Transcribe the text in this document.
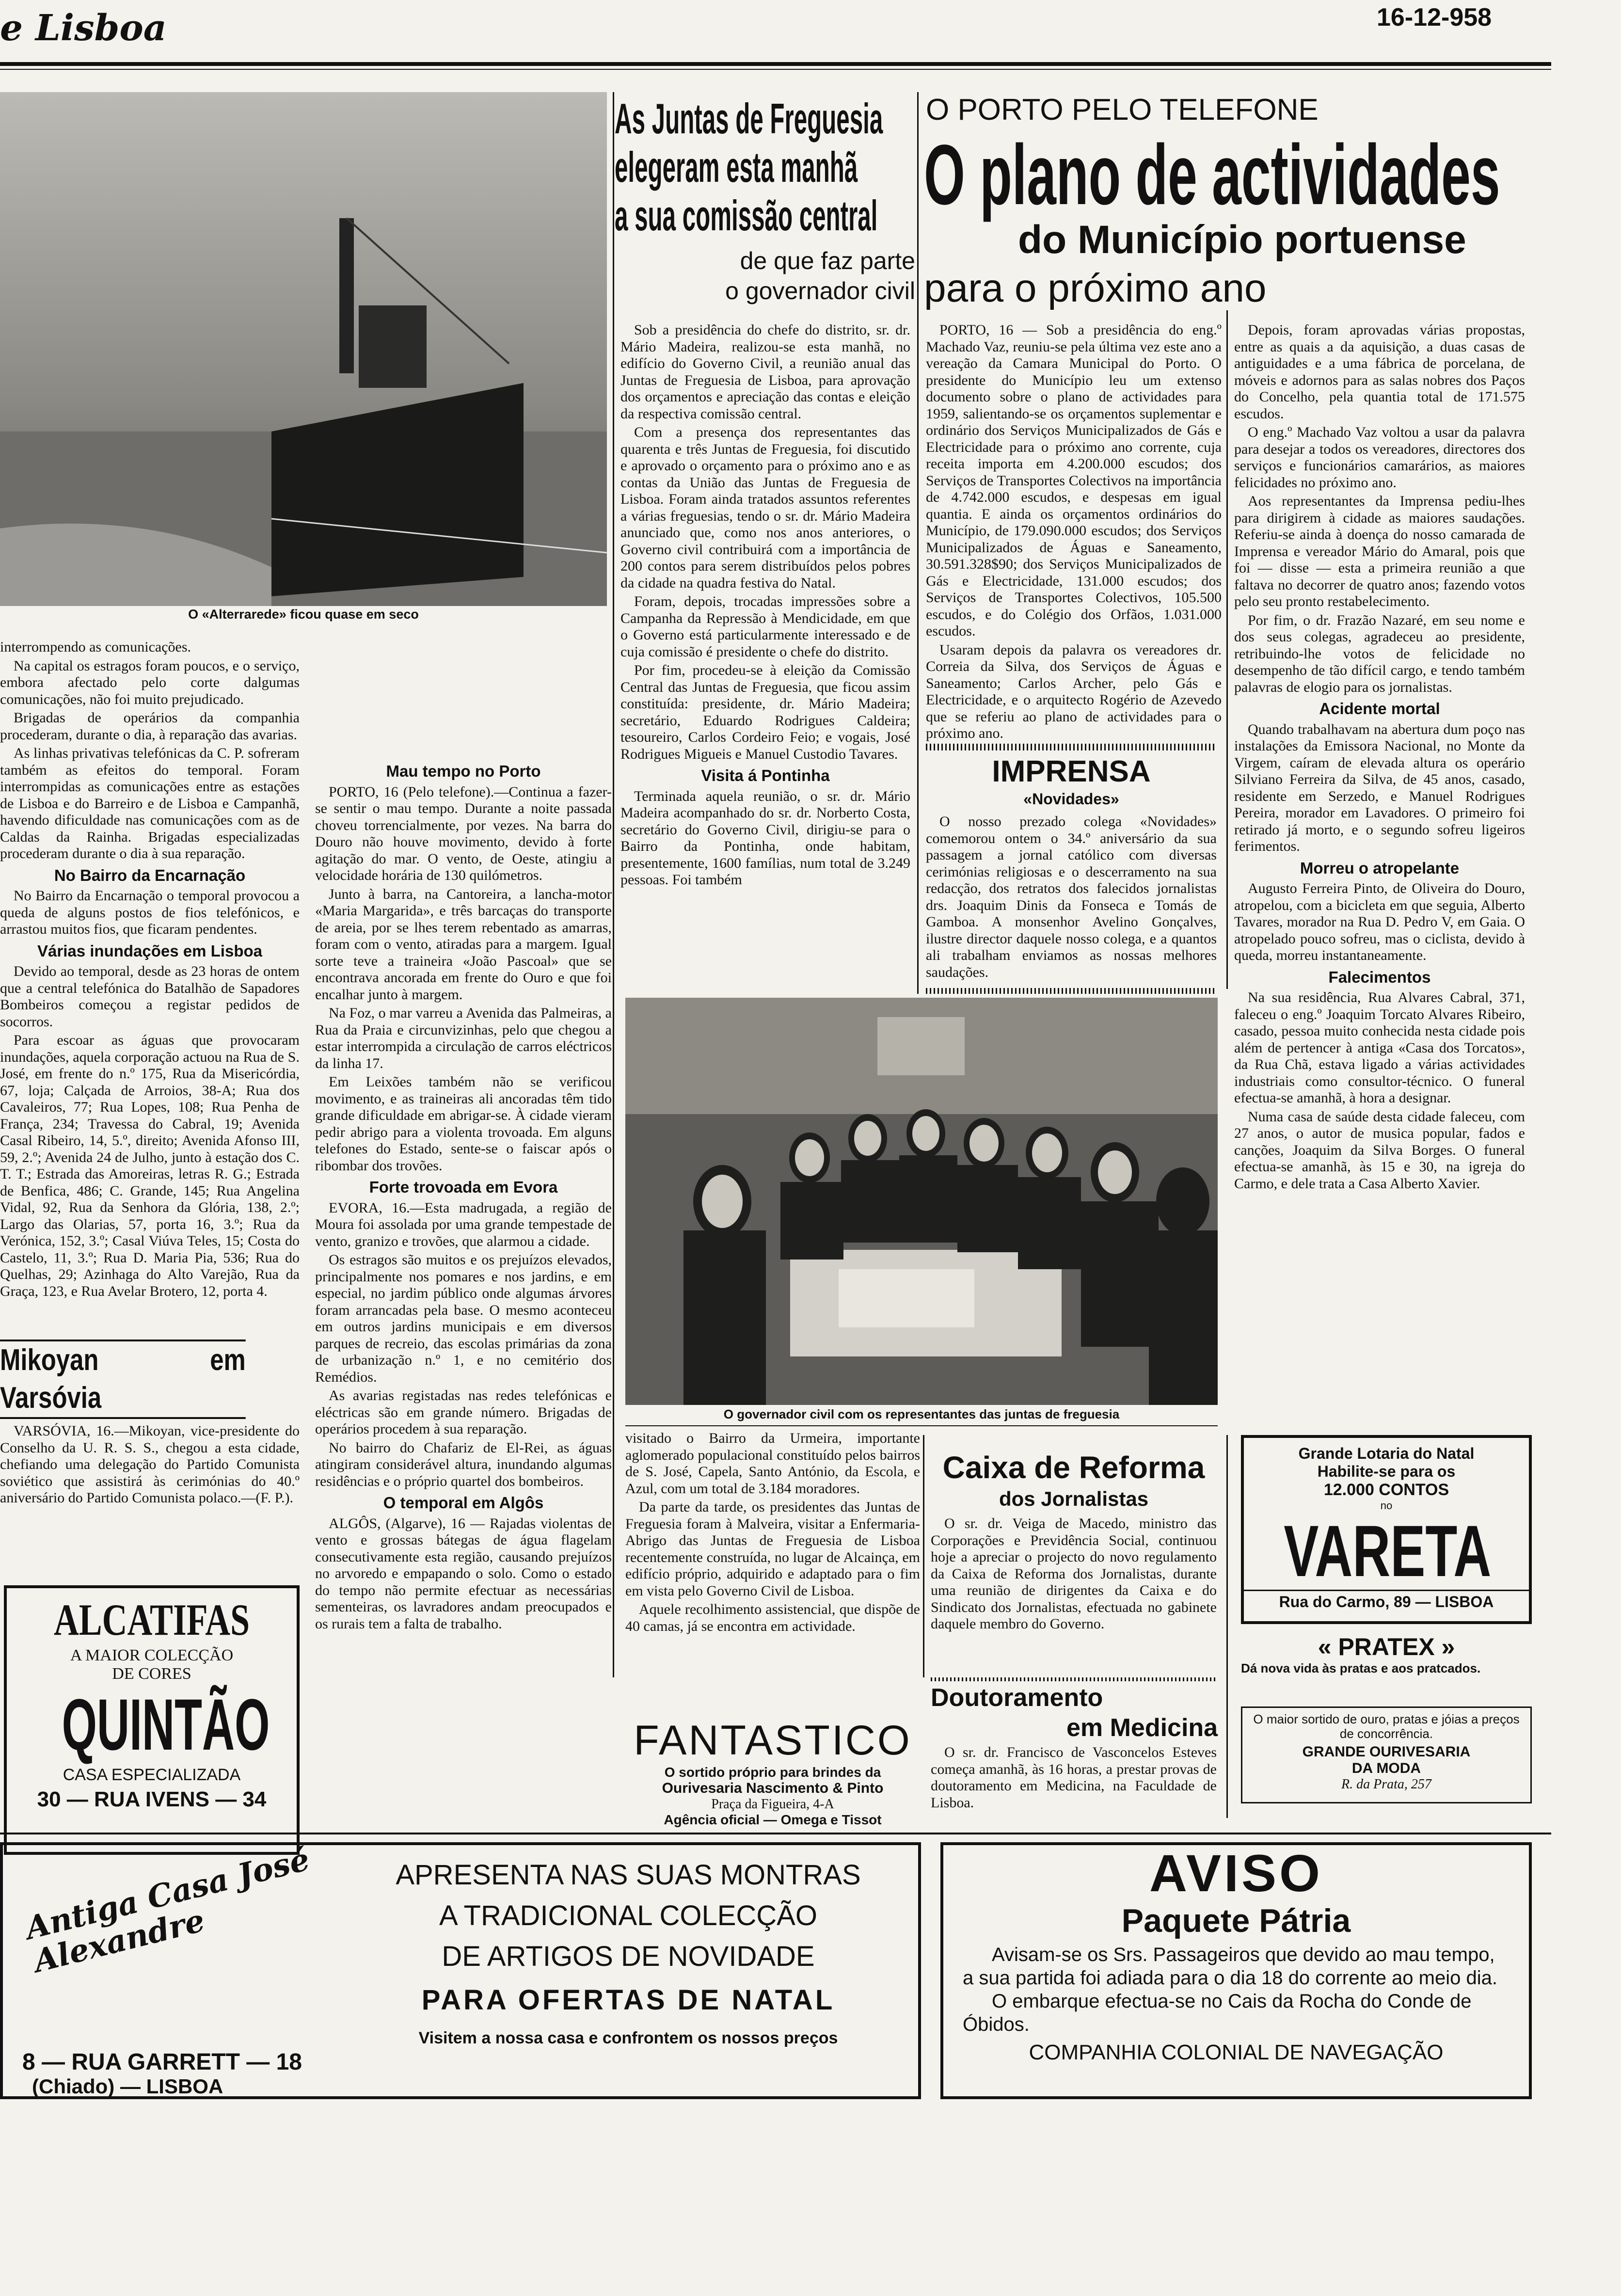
e Lisboa	16-12-958
O «Alterrarede» ficou quase em seco

interrompendo as comunicações.

Na capital os estragos foram poucos, e o serviço, embora afectado pelo corte dalgumas comunicações, não foi muito prejudicado.

Brigadas de operários da companhia procederam, durante o dia, à reparação das avarias.

As linhas privativas telefónicas da C. P. sofreram também as efeitos do temporal. Foram interrompidas as comunicações entre as estações de Lisboa e do Barreiro e de Lisboa e Campanhã, havendo dificuldade nas comunicações com as de Caldas da Rainha. Brigadas especializadas procederam durante o dia à sua reparação.

No Bairro da Encarnação

No Bairro da Encarnação o temporal provocou a queda de alguns postos de fios telefónicos, e arrastou muitos fios, que ficaram pendentes.

Várias inundações em Lisboa

Devido ao temporal, desde as 23 horas de ontem que a central telefónica do Batalhão de Sapadores Bombeiros começou a registar pedidos de socorros.

Para escoar as águas que provocaram inundações, aquela corporação actuou na Rua de S. José, em frente do n.º 175, Rua da Misericórdia, 67, loja; Calçada de Arroios, 38-A; Rua dos Cavaleiros, 77; Rua Lopes, 108; Rua Penha de França, 234; Travessa do Cabral, 19; Avenida Casal Ribeiro, 14, 5.º, direito; Avenida Afonso III, 59, 2.º; Avenida 24 de Julho, junto à estação dos C. T. T.; Estrada das Amoreiras, letras R. G.; Estrada de Benfica, 486; C. Grande, 145; Rua Angelina Vidal, 92, Rua da Senhora da Glória, 138, 2.º; Largo das Olarias, 57, porta 16, 3.º; Rua da Verónica, 152, 3.º; Casal Viúva Teles, 15; Costa do Castelo, 11, 3.º; Rua D. Maria Pia, 536; Rua do Quelhas, 29; Azinhaga do Alto Varejão, Rua da Graça, 123, e Rua Avelar Brotero, 12, porta 4.

Mikoyan em Varsóvia

VARSÓVIA, 16.—Mikoyan, vice-presidente do Conselho da U. R. S. S., chegou a esta cidade, chefiando uma delegação do Partido Comunista soviético que assistirá às cerimónias do 40.º aniversário do Partido Comunista polaco.—(F. P.).

ALCATIFAS
A MAIOR COLECÇÃO
DE CORES
QUINTÃO
CASA ESPECIALIZADA
30 — RUA IVENS — 34

Mau tempo no Porto

PORTO, 16 (Pelo telefone).—Continua a fazer-se sentir o mau tempo. Durante a noite passada choveu torrencialmente, por vezes. Na barra do Douro não houve movimento, devido à forte agitação do mar. O vento, de Oeste, atingiu a velocidade horária de 130 quilómetros.

Junto à barra, na Cantoreira, a lancha-motor «Maria Margarida», e três barcaças do transporte de areia, por se lhes terem rebentado as amarras, foram com o vento, atiradas para a margem. Igual sorte teve a traineira «João Pascoal» que se encontrava ancorada em frente do Ouro e que foi encalhar junto à margem.

Na Foz, o mar varreu a Avenida das Palmeiras, a Rua da Praia e circunvizinhas, pelo que chegou a estar interrompida a circulação de carros eléctricos da linha 17.

Em Leixões também não se verificou movimento, e as traineiras ali ancoradas têm tido grande dificuldade em abrigar-se. À cidade vieram pedir abrigo para a violenta trovoada. Em alguns telefones do Estado, sente-se o faiscar após o ribombar dos trovões.

Forte trovoada em Evora

EVORA, 16.—Esta madrugada, a região de Moura foi assolada por uma grande tempestade de vento, granizo e trovões, que alarmou a cidade.

Os estragos são muitos e os prejuízos elevados, principalmente nos pomares e nos jardins, e em especial, no jardim público onde algumas árvores foram arrancadas pela base. O mesmo aconteceu em outros jardins municipais e em diversos parques de recreio, das escolas primárias da zona de urbanização n.º 1, e no cemitério dos Remédios.

As avarias registadas nas redes telefónicas e eléctricas são em grande número. Brigadas de operários procedem à sua reparação.

No bairro do Chafariz de El-Rei, as águas atingiram considerável altura, inundando algumas residências e o próprio quartel dos bombeiros.

O temporal em Algôs

ALGÔS, (Algarve), 16 — Rajadas violentas de vento e grossas bátegas de água flagelam consecutivamente esta região, causando prejuízos no arvoredo e empapando o solo. Como o estado do tempo não permite efectuar as necessárias sementeiras, os lavradores andam preocupados e os rurais tem a falta de trabalho.

As Juntas de Freguesia
elegeram esta manhã
a sua comissão central
de que faz parte
o governador civil

Sob a presidência do chefe do distrito, sr. dr. Mário Madeira, realizou-se esta manhã, no edifício do Governo Civil, a reunião anual das Juntas de Freguesia de Lisboa, para aprovação dos orçamentos e apreciação das contas e eleição da respectiva comissão central.

Com a presença dos representantes das quarenta e três Juntas de Freguesia, foi discutido e aprovado o orçamento para o próximo ano e as contas da União das Juntas de Freguesia de Lisboa. Foram ainda tratados assuntos referentes a várias freguesias, tendo o sr. dr. Mário Madeira anunciado que, como nos anos anteriores, o Governo civil contribuirá com a importância de 200 contos para serem distribuídos pelos pobres da cidade na quadra festiva do Natal.

Foram, depois, trocadas impressões sobre a Campanha da Repressão à Mendicidade, em que o Governo está particularmente interessado e de cuja comissão é presidente o chefe do distrito.

Por fim, procedeu-se à eleição da Comissão Central das Juntas de Freguesia, que ficou assim constituída: presidente, dr. Mário Madeira; secretário, Eduardo Rodrigues Caldeira; tesoureiro, Carlos Cordeiro Feio; e vogais, José Rodrigues Migueis e Manuel Custodio Tavares.

Visita á Pontinha

Terminada aquela reunião, o sr. dr. Mário Madeira acompanhado do sr. dr. Norberto Costa, secretário do Governo Civil, dirigiu-se para o Bairro da Pontinha, onde habitam, presentemente, 1600 famílias, num total de 3.249 pessoas. Foi também

O PORTO PELO TELEFONE
O plano de actividades
do Município portuense
para o próximo ano

PORTO, 16 — Sob a presidência do eng.º Machado Vaz, reuniu-se pela última vez este ano a vereação da Camara Municipal do Porto. O presidente do Município leu um extenso documento sobre o plano de actividades para 1959, salientando-se os orçamentos suplementar e ordinário dos Serviços Municipalizados de Gás e Electricidade para o próximo ano corrente, cuja receita importa em 4.200.000 escudos; dos Serviços de Transportes Colectivos na importância de 4.742.000 escudos, e despesas em igual quantia. E ainda os orçamentos ordinários do Município, de 179.090.000 escudos; dos Serviços Municipalizados de Águas e Saneamento, 30.591.328$90; dos Serviços Municipalizados de Gás e Electricidade, 131.000 escudos; dos Serviços de Transportes Colectivos, 105.500 escudos, e do Colégio dos Orfãos, 1.031.000 escudos.

Usaram depois da palavra os vereadores dr. Correia da Silva, dos Serviços de Águas e Saneamento; Carlos Archer, pelo Gás e Electricidade, e o arquitecto Rogério de Azevedo que se referiu ao plano de actividades para o próximo ano.

IMPRENSA
«Novidades»

O nosso prezado colega «Novidades» comemorou ontem o 34.º aniversário da sua passagem a jornal católico com diversas cerimónias religiosas e o descerramento na sua redacção, dos retratos dos falecidos jornalistas drs. Joaquim Dinis da Fonseca e Tomás de Gamboa. A monsenhor Avelino Gonçalves, ilustre director daquele nosso colega, e a quantos ali trabalham enviamos as nossas melhores saudações.

Depois, foram aprovadas várias propostas, entre as quais a da aquisição, a duas casas de antiguidades e a uma fábrica de porcelana, de móveis e adornos para as salas nobres dos Paços do Concelho, pela quantia total de 171.575 escudos.

O eng.º Machado Vaz voltou a usar da palavra para desejar a todos os vereadores, directores dos serviços e funcionários camarários, as maiores felicidades no próximo ano.

Aos representantes da Imprensa pediu-lhes para dirigirem à cidade as maiores saudações. Referiu-se ainda à doença do nosso camarada de Imprensa e vereador Mário do Amaral, pois que foi — disse — esta a primeira reunião a que faltava no decorrer de quatro anos; fazendo votos pelo seu pronto restabelecimento.

Por fim, o dr. Frazão Nazaré, em seu nome e dos seus colegas, agradeceu ao presidente, retribuindo-lhe votos de felicidade no desempenho de tão difícil cargo, e tendo também palavras de elogio para os jornalistas.

Acidente mortal

Quando trabalhavam na abertura dum poço nas instalações da Emissora Nacional, no Monte da Virgem, caíram de elevada altura os operário Silviano Ferreira da Silva, de 45 anos, casado, residente em Serzedo, e Manuel Rodrigues Pereira, morador em Lavadores. O primeiro foi retirado já morto, e o segundo sofreu ligeiros ferimentos.

Morreu o atropelante

Augusto Ferreira Pinto, de Oliveira do Douro, atropelou, com a bicicleta em que seguia, Alberto Tavares, morador na Rua D. Pedro V, em Gaia. O atropelado pouco sofreu, mas o ciclista, devido à queda, morreu instantaneamente.

Falecimentos

Na sua residência, Rua Alvares Cabral, 371, faleceu o eng.º Joaquim Torcato Alvares Ribeiro, casado, pessoa muito conhecida nesta cidade pois além de pertencer à antiga «Casa dos Torcatos», da Rua Chã, estava ligado a várias actividades industriais como consultor-técnico. O funeral efectua-se amanhã, à hora a designar.

Numa casa de saúde desta cidade faleceu, com 27 anos, o autor de musica popular, fados e canções, Joaquim da Silva Borges. O funeral efectua-se amanhã, às 15 e 30, na igreja do Carmo, e dele trata a Casa Alberto Xavier.

O governador civil com os representantes das juntas de freguesia

visitado o Bairro da Urmeira, importante aglomerado populacional constituído pelos bairros de S. José, Capela, Santo António, da Escola, e Azul, com um total de 3.184 moradores.

Da parte da tarde, os presidentes das Juntas de Freguesia foram à Malveira, visitar a Enfermaria-Abrigo das Juntas de Freguesia de Lisboa recentemente construída, no lugar de Alcainça, em edifício próprio, adquirido e adaptado para o fim em vista pelo Governo Civil de Lisboa.

Aquele recolhimento assistencial, que dispõe de 40 camas, já se encontra em actividade.

FANTASTICO
O sortido próprio para brindes da
Ourivesaria Nascimento & Pinto
Praça da Figueira, 4-A
Agência oficial — Omega e Tissot
Caixa de Reforma
dos Jornalistas

O sr. dr. Veiga de Macedo, ministro das Corporações e Previdência Social, continuou hoje a apreciar o projecto do novo regulamento da Caixa de Reforma dos Jornalistas, durante uma reunião de dirigentes da Caixa e do Sindicato dos Jornalistas, efectuada no gabinete daquele membro do Governo.

Doutoramento
em Medicina

O sr. dr. Francisco de Vasconcelos Esteves começa amanhã, às 16 horas, a prestar provas de doutoramento em Medicina, na Faculdade de Lisboa.

Grande Lotaria do Natal
Habilite-se para os
12.000 CONTOS
no
VARETA
Rua do Carmo, 89 — LISBOA
« PRATEX »
Dá nova vida às pratas e aos pratcados.
O maior sortido de ouro, pratas e jóias a preços de concorrência.
GRANDE OURIVESARIA
DA MODA
R. da Prata, 257
Antiga Casa José Alexandre
8 — RUA GARRETT — 18
(Chiado) — LISBOA
APRESENTA NAS SUAS MONTRAS
A TRADICIONAL COLECÇÃO
DE ARTIGOS DE NOVIDADE
PARA OFERTAS DE NATAL
Visitem a nossa casa e confrontem os nossos preços
AVISO
Paquete Pátria
Avisam-se os Srs. Passageiros que devido ao mau tempo, a sua partida foi adiada para o dia 18 do corrente ao meio dia.
O embarque efectua-se no Cais da Rocha do Conde de Óbidos.
COMPANHIA COLONIAL DE NAVEGAÇÃO
